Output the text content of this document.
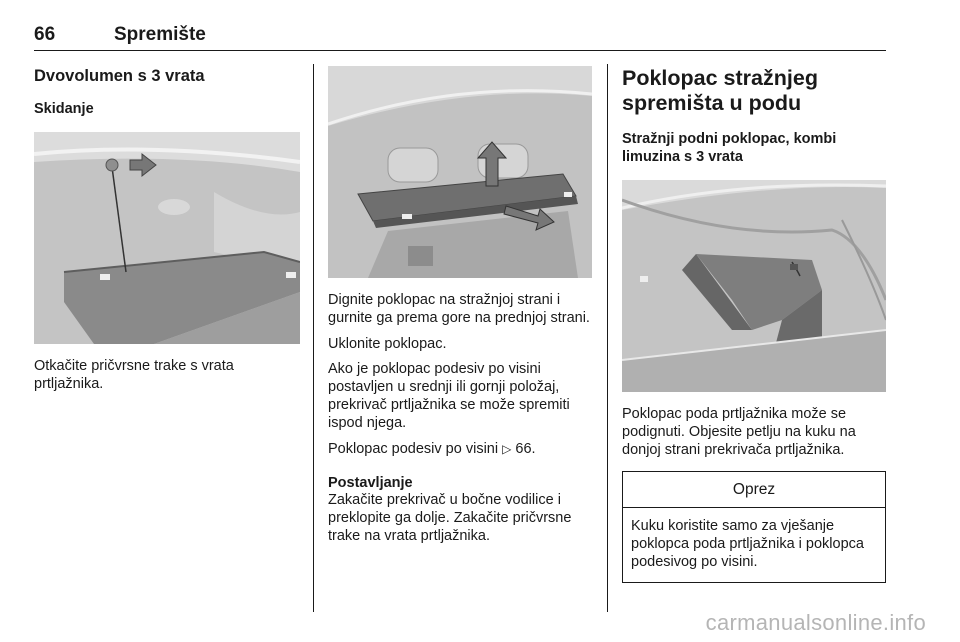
66	Spremište

Dvovolumen s 3 vrata

Skidanje

Otkačite pričvrsne trake s vrata prtljažnika.

Dignite poklopac na stražnjoj strani i gurnite ga prema gore na prednjoj strani.

Uklonite poklopac.

Ako je poklopac podesiv po visini postavljen u srednji ili gornji položaj, prekrivač prtljažnika se može spremiti ispod njega.

Poklopac podesiv po visini ▷ 66.

Postavljanje

Zakačite prekrivač u bočne vodilice i preklopite ga dolje. Zakačite pričvrsne trake na vrata prtljažnika.

Poklopac stražnjeg spremišta u podu

Stražnji podni poklopac, kombi limuzina s 3 vrata

Poklopac poda prtljažnika može se podignuti. Objesite petlju na kuku na donjoj strani prekrivača prtljažnika.

Oprez

Kuku koristite samo za vješanje poklopca poda prtljažnika i poklopca podesivog po visini.

carmanualsonline.info
